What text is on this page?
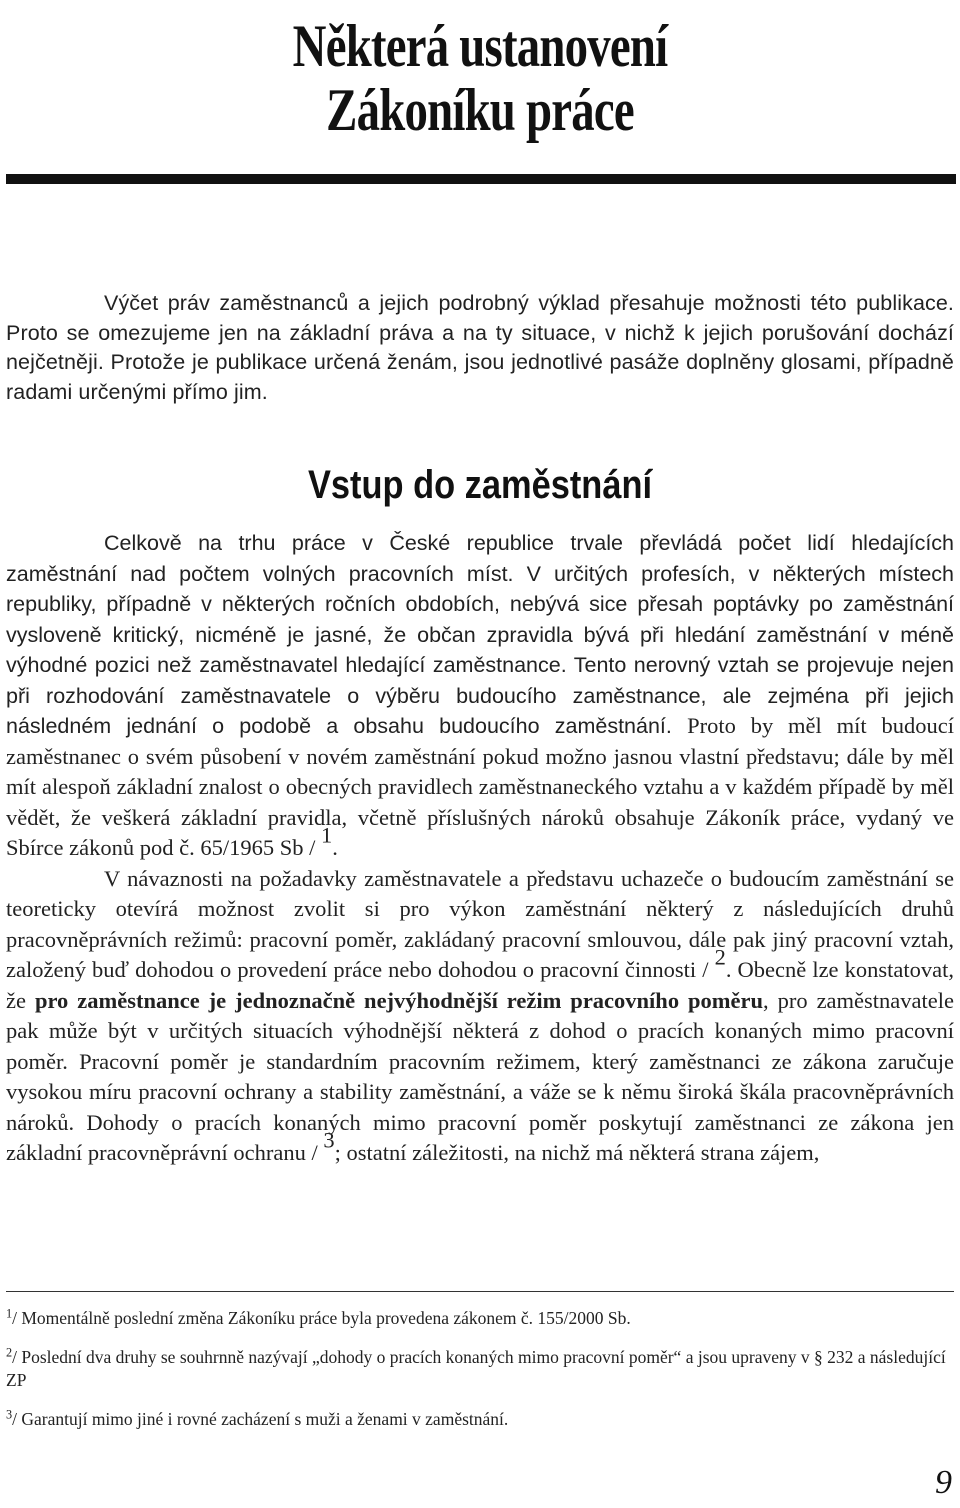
Některá ustanovení
Zákoníku práce

Výčet práv zaměstnanců a jejich podrobný výklad přesahuje možnosti této publikace. Proto se omezujeme jen na základní práva a na ty situace, v nichž k jejich porušování dochází nejčetněji. Protože je publikace určená ženám, jsou jednotlivé pasáže doplněny glosami, případně radami určenými přímo jim.

Vstup do zaměstnání

Celkově na trhu práce v České republice trvale převládá počet lidí hledajících zaměstnání nad počtem volných pracovních míst. V určitých profesích, v některých místech republiky, případně v některých ročních obdobích, nebývá sice přesah poptávky po zaměstnání vysloveně kritický, nicméně je jasné, že občan zpravidla bývá při hledání zaměstnání v méně výhodné pozici než zaměstnavatel hledající zaměstnance. Tento nerovný vztah se projevuje nejen při rozhodování zaměstnavatele o výběru budoucího zaměstnance, ale zejména při jejich následném jednání o podobě a obsahu budoucího zaměstnání. Proto by měl mít budoucí zaměstnanec o svém působení v novém zaměstnání pokud možno jasnou vlastní představu; dále by měl mít alespoň základní znalost o obecných pravidlech zaměstnaneckého vztahu a v každém případě by měl vědět, že veškerá základní pravidla, včetně příslušných nároků obsahuje Zákoník práce, vydaný ve Sbírce zákonů pod č. 65/1965 Sb / $^1$.

V návaznosti na požadavky zaměstnavatele a představu uchazeče o budoucím zaměstnání se teoreticky otevírá možnost zvolit si pro výkon zaměstnání některý z následujících druhů pracovněprávních režimů: pracovní poměr, zakládaný pracovní smlouvou, dále pak jiný pracovní vztah, založený buď dohodou o provedení práce nebo dohodou o pracovní činnosti / $^2$. Obecně lze konstatovat, že pro zaměstnance je jednoznačně nejvýhodnější režim pracovního poměru, pro zaměstnavatele pak může být v určitých situacích výhodnější některá z dohod o pracích konaných mimo pracovní poměr. Pracovní poměr je standardním pracovním režimem, který zaměstnanci ze zákona zaručuje vysokou míru pracovní ochrany a stability zaměstnání, a váže se k němu široká škála pracovněprávních nároků. Dohody o pracích konaných mimo pracovní poměr poskytují zaměstnanci ze zákona jen základní pracovněprávní ochranu / $^3$; ostatní záležitosti, na nichž má některá strana zájem,

$^1$/ Momentálně poslední změna Zákoníku práce byla provedena zákonem č. 155/2000 Sb.

$^2$/ Poslední dva druhy se souhrnně nazývají „dohody o pracích konaných mimo pracovní poměr“ a jsou upraveny v § 232 a následující ZP

$^3$/ Garantují mimo jiné i rovné zacházení s muži a ženami v zaměstnání.

9
